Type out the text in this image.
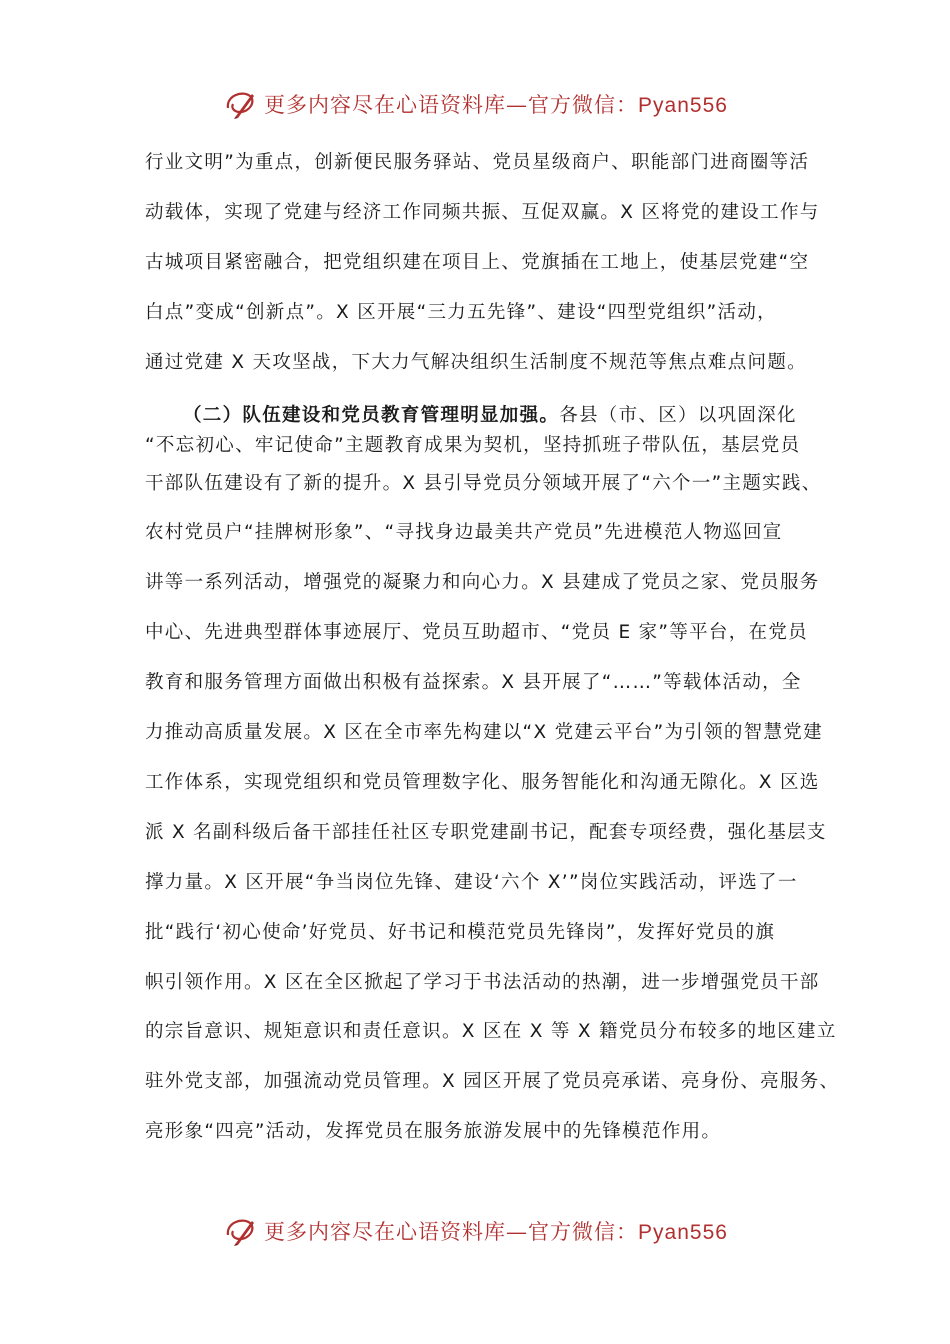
更多内容尽在心语资料库—官方微信：Pyan556
行业文明”为重点，创新便民服务驿站、党员星级商户、职能部门进商圈等活
动载体，实现了党建与经济工作同频共振、互促双赢。X 区将党的建设工作与
古城项目紧密融合，把党组织建在项目上、党旗插在工地上，使基层党建“空
白点”变成“创新点”。X 区开展“三力五先锋”、建设“四型党组织”活动，
通过党建 X 天攻坚战，下大力气解决组织生活制度不规范等焦点难点问题。
（二）队伍建设和党员教育管理明显加强。各县（市、区）以巩固深化
“不忘初心、牢记使命”主题教育成果为契机，坚持抓班子带队伍，基层党员
干部队伍建设有了新的提升。X 县引导党员分领域开展了“六个一”主题实践、
农村党员户“挂牌树形象”、“寻找身边最美共产党员”先进模范人物巡回宣
讲等一系列活动，增强党的凝聚力和向心力。X 县建成了党员之家、党员服务
中心、先进典型群体事迹展厅、党员互助超市、“党员 E 家”等平台，在党员
教育和服务管理方面做出积极有益探索。X 县开展了“……”等载体活动，全
力推动高质量发展。X 区在全市率先构建以“X 党建云平台”为引领的智慧党建
工作体系，实现党组织和党员管理数字化、服务智能化和沟通无隙化。X 区选
派 X 名副科级后备干部挂任社区专职党建副书记，配套专项经费，强化基层支
撑力量。X 区开展“争当岗位先锋、建设‘六个 X’”岗位实践活动，评选了一
批“践行‘初心使命’好党员、好书记和模范党员先锋岗”，发挥好党员的旗
帜引领作用。X 区在全区掀起了学习于书法活动的热潮，进一步增强党员干部
的宗旨意识、规矩意识和责任意识。X 区在 X 等 X 籍党员分布较多的地区建立
驻外党支部，加强流动党员管理。X 园区开展了党员亮承诺、亮身份、亮服务、
亮形象“四亮”活动，发挥党员在服务旅游发展中的先锋模范作用。
更多内容尽在心语资料库—官方微信：Pyan556
